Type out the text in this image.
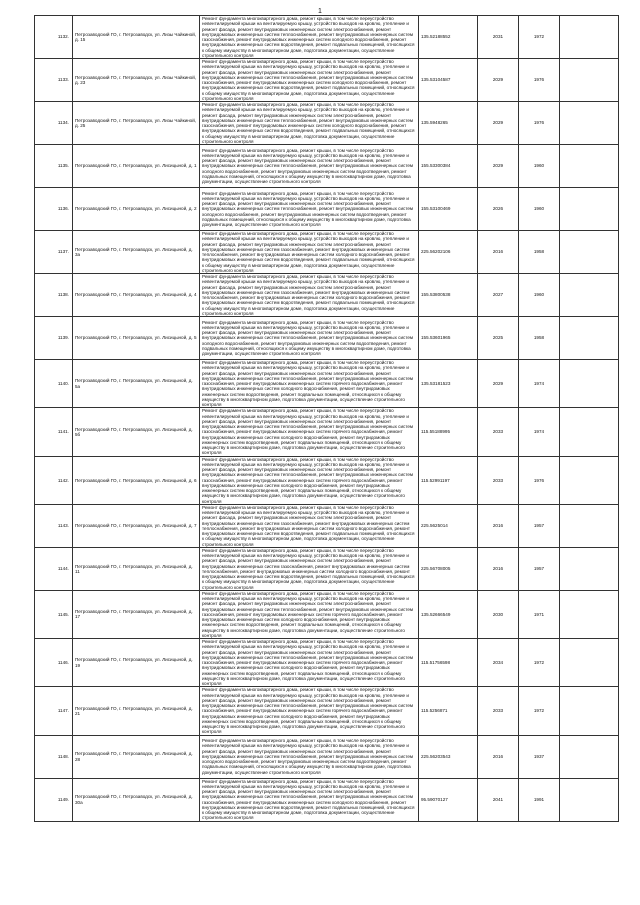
1
1132.	Петрозаводский ГО, г. Петрозаводск, ул. Лизы Чайкиной, д. 15	Ремонт фундамента многоквартирного дома, ремонт крыши, в том числе переустройство невентилируемой крыши на вентилируемую крышу, устройство выходов на кровлю, утепление и ремонт фасада, ремонт внутридомовых инженерных систем электроснабжения, ремонт внутридомовых инженерных систем теплоснабжения, ремонт внутридомовых инженерных систем газоснабжения, ремонт внутридомовых инженерных систем холодного водоснабжения, ремонт внутридомовых инженерных систем водоотведения, ремонт подвальных помещений, относящихся к общему имуществу в многоквартирном доме, подготовка документации, осуществление строительного контроля	135.52188552	2031	1972	
1133.	Петрозаводский ГО, г. Петрозаводск, ул. Лизы Чайкиной, д. 23	Ремонт фундамента многоквартирного дома, ремонт крыши, в том числе переустройство невентилируемой крыши на вентилируемую крышу, устройство выходов на кровлю, утепление и ремонт фасада, ремонт внутридомовых инженерных систем электроснабжения, ремонт внутридомовых инженерных систем теплоснабжения, ремонт внутридомовых инженерных систем газоснабжения, ремонт внутридомовых инженерных систем холодного водоснабжения, ремонт внутридомовых инженерных систем водоотведения, ремонт подвальных помещений, относящихся к общему имуществу в многоквартирном доме, подготовка документации, осуществление строительного контроля	135.53104587	2029	1976	
1134.	Петрозаводский ГО, г. Петрозаводск, ул. Лизы Чайкиной, д. 25	Ремонт фундамента многоквартирного дома, ремонт крыши, в том числе переустройство невентилируемой крыши на вентилируемую крышу, устройство выходов на кровлю, утепление и ремонт фасада, ремонт внутридомовых инженерных систем электроснабжения, ремонт внутридомовых инженерных систем теплоснабжения, ремонт внутридомовых инженерных систем газоснабжения, ремонт внутридомовых инженерных систем холодного водоснабжения, ремонт внутридомовых инженерных систем водоотведения, ремонт подвальных помещений, относящихся к общему имуществу в многоквартирном доме, подготовка документации, осуществление строительного контроля	135.5948265	2029	1976	
1135.	Петрозаводский ГО, г. Петрозаводск, ул. Лисицыной, д. 1	Ремонт фундамента многоквартирного дома, ремонт крыши, в том числе переустройство невентилируемой крыши на вентилируемую крышу, устройство выходов на кровлю, утепление и ремонт фасада, ремонт внутридомовых инженерных систем электроснабжения, ремонт внутридомовых инженерных систем теплоснабжения, ремонт внутридомовых инженерных систем холодного водоснабжения, ремонт внутридомовых инженерных систем водоотведения, ремонт подвальных помещений, относящихся к общему имуществу в многоквартирном доме, подготовка документации, осуществление строительного контроля	155.53300384	2029	1960	
1136.	Петрозаводский ГО, г. Петрозаводск, ул. Лисицыной, д. 2	Ремонт фундамента многоквартирного дома, ремонт крыши, в том числе переустройство невентилируемой крыши на вентилируемую крышу, устройство выходов на кровлю, утепление и ремонт фасада, ремонт внутридомовых инженерных систем электроснабжения, ремонт внутридомовых инженерных систем теплоснабжения, ремонт внутридомовых инженерных систем холодного водоснабжения, ремонт внутридомовых инженерных систем водоотведения, ремонт подвальных помещений, относящихся к общему имуществу в многоквартирном доме, подготовка документации, осуществление строительного контроля	155.53100469	2026	1960	
1137.	Петрозаводский ГО, г. Петрозаводск, ул. Лисицыной, д. 3а	Ремонт фундамента многоквартирного дома, ремонт крыши, в том числе переустройство невентилируемой крыши на вентилируемую крышу, устройство выходов на кровлю, утепление и ремонт фасада, ремонт внутридомовых инженерных систем электроснабжения, ремонт внутридомовых инженерных систем газоснабжения, ремонт внутридомовых инженерных систем теплоснабжения, ремонт внутридомовых инженерных систем холодного водоснабжения, ремонт внутридомовых инженерных систем водоотведения, ремонт подвальных помещений, относящихся к общему имуществу в многоквартирном доме, подготовка документации, осуществление строительного контроля	225.56202106	2016	1958	
1138.	Петрозаводский ГО, г. Петрозаводск, ул. Лисицыной, д. 4	Ремонт фундамента многоквартирного дома, ремонт крыши, в том числе переустройство невентилируемой крыши на вентилируемую крышу, устройство выходов на кровлю, утепление и ремонт фасада, ремонт внутридомовых инженерных систем электроснабжения, ремонт внутридомовых инженерных систем газоснабжения, ремонт внутридомовых инженерных систем теплоснабжения, ремонт внутридомовых инженерных систем холодного водоснабжения, ремонт внутридомовых инженерных систем водоотведения, ремонт подвальных помещений, относящихся к общему имуществу в многоквартирном доме, подготовка документации, осуществление строительного контроля	155.53800538	2027	1960	
1139.	Петрозаводский ГО, г. Петрозаводск, ул. Лисицыной, д. 5	Ремонт фундамента многоквартирного дома, ремонт крыши, в том числе переустройство невентилируемой крыши на вентилируемую крышу, устройство выходов на кровлю, утепление и ремонт фасада, ремонт внутридомовых инженерных систем электроснабжения, ремонт внутридомовых инженерных систем теплоснабжения, ремонт внутридомовых инженерных систем холодного водоснабжения, ремонт внутридомовых инженерных систем водоотведения, ремонт подвальных помещений, относящихся к общему имуществу в многоквартирном доме, подготовка документации, осуществление строительного контроля	155.53601965	2025	1958	
1140.	Петрозаводский ГО, г. Петрозаводск, ул. Лисицыной, д. 5а	Ремонт фундамента многоквартирного дома, ремонт крыши, в том числе переустройство невентилируемой крыши на вентилируемую крышу, устройство выходов на кровлю, утепление и ремонт фасада, ремонт внутридомовых инженерных систем электроснабжения, ремонт внутридомовых инженерных систем теплоснабжения, ремонт внутридомовых инженерных систем газоснабжения, ремонт внутридомовых инженерных систем горячего водоснабжения, ремонт внутридомовых инженерных систем холодного водоснабжения, ремонт внутридомовых инженерных систем водоотведения, ремонт подвальных помещений, относящихся к общему имуществу в многоквартирном доме, подготовка документации, осуществление строительного контроля	135.53181523	2029	1974	
1141.	Петрозаводский ГО, г. Петрозаводск, ул. Лисицыной, д. 5б	Ремонт фундамента многоквартирного дома, ремонт крыши, в том числе переустройство невентилируемой крыши на вентилируемую крышу, устройство выходов на кровлю, утепление и ремонт фасада, ремонт внутридомовых инженерных систем электроснабжения, ремонт внутридомовых инженерных систем теплоснабжения, ремонт внутридомовых инженерных систем газоснабжения, ремонт внутридомовых инженерных систем горячего водоснабжения, ремонт внутридомовых инженерных систем холодного водоснабжения, ремонт внутридомовых инженерных систем водоотведения, ремонт подвальных помещений, относящихся к общему имуществу в многоквартирном доме, подготовка документации, осуществление строительного контроля	115.55188995	2033	1974	
1142.	Петрозаводский ГО, г. Петрозаводск, ул. Лисицыной, д. 6	Ремонт фундамента многоквартирного дома, ремонт крыши, в том числе переустройство невентилируемой крыши на вентилируемую крышу, устройство выходов на кровлю, утепление и ремонт фасада, ремонт внутридомовых инженерных систем электроснабжения, ремонт внутридомовых инженерных систем теплоснабжения, ремонт внутридомовых инженерных систем газоснабжения, ремонт внутридомовых инженерных систем горячего водоснабжения, ремонт внутридомовых инженерных систем холодного водоснабжения, ремонт внутридомовых инженерных систем водоотведения, ремонт подвальных помещений, относящихся к общему имуществу в многоквартирном доме, подготовка документации, осуществление строительного контроля	115.52991197	2033	1976	
1143.	Петрозаводский ГО, г. Петрозаводск, ул. Лисицыной, д. 7	Ремонт фундамента многоквартирного дома, ремонт крыши, в том числе переустройство невентилируемой крыши на вентилируемую крышу, устройство выходов на кровлю, утепление и ремонт фасада, ремонт внутридомовых инженерных систем электроснабжения, ремонт внутридомовых инженерных систем газоснабжения, ремонт внутридомовых инженерных систем теплоснабжения, ремонт внутридомовых инженерных систем холодного водоснабжения, ремонт внутридомовых инженерных систем водоотведения, ремонт подвальных помещений, относящихся к общему имуществу в многоквартирном доме, подготовка документации, осуществление строительного контроля	225.5625014	2016	1957	
1144.	Петрозаводский ГО, г. Петрозаводск, ул. Лисицыной, д. 11	Ремонт фундамента многоквартирного дома, ремонт крыши, в том числе переустройство невентилируемой крыши на вентилируемую крышу, устройство выходов на кровлю, утепление и ремонт фасада, ремонт внутридомовых инженерных систем электроснабжения, ремонт внутридомовых инженерных систем газоснабжения, ремонт внутридомовых инженерных систем теплоснабжения, ремонт внутридомовых инженерных систем холодного водоснабжения, ремонт внутридомовых инженерных систем водоотведения, ремонт подвальных помещений, относящихся к общему имуществу в многоквартирном доме, подготовка документации, осуществление строительного контроля	225.56708005	2016	1957	
1145.	Петрозаводский ГО, г. Петрозаводск, ул. Лисицыной, д. 17	Ремонт фундамента многоквартирного дома, ремонт крыши, в том числе переустройство невентилируемой крыши на вентилируемую крышу, устройство выходов на кровлю, утепление и ремонт фасада, ремонт внутридомовых инженерных систем электроснабжения, ремонт внутридомовых инженерных систем теплоснабжения, ремонт внутридомовых инженерных систем газоснабжения, ремонт внутридомовых инженерных систем горячего водоснабжения, ремонт внутридомовых инженерных систем холодного водоснабжения, ремонт внутридомовых инженерных систем водоотведения, ремонт подвальных помещений, относящихся к общему имуществу в многоквартирном доме, подготовка документации, осуществление строительного контроля	135.52666549	2030	1971	
1146.	Петрозаводский ГО, г. Петрозаводск, ул. Лисицыной, д. 19	Ремонт фундамента многоквартирного дома, ремонт крыши, в том числе переустройство невентилируемой крыши на вентилируемую крышу, устройство выходов на кровлю, утепление и ремонт фасада, ремонт внутридомовых инженерных систем электроснабжения, ремонт внутридомовых инженерных систем теплоснабжения, ремонт внутридомовых инженерных систем газоснабжения, ремонт внутридомовых инженерных систем горячего водоснабжения, ремонт внутридомовых инженерных систем холодного водоснабжения, ремонт внутридомовых инженерных систем водоотведения, ремонт подвальных помещений, относящихся к общему имуществу в многоквартирном доме, подготовка документации, осуществление строительного контроля	115.51756598	2034	1972	
1147.	Петрозаводский ГО, г. Петрозаводск, ул. Лисицыной, д. 21	Ремонт фундамента многоквартирного дома, ремонт крыши, в том числе переустройство невентилируемой крыши на вентилируемую крышу, устройство выходов на кровлю, утепление и ремонт фасада, ремонт внутридомовых инженерных систем электроснабжения, ремонт внутридомовых инженерных систем теплоснабжения, ремонт внутридомовых инженерных систем газоснабжения, ремонт внутридомовых инженерных систем горячего водоснабжения, ремонт внутридомовых инженерных систем холодного водоснабжения, ремонт внутридомовых инженерных систем водоотведения, ремонт подвальных помещений, относящихся к общему имуществу в многоквартирном доме, подготовка документации, осуществление строительного контроля	115.5256871	2033	1972	
1148.	Петрозаводский ГО, г. Петрозаводск, ул. Лисицыной, д. 28	Ремонт фундамента многоквартирного дома, ремонт крыши, в том числе переустройство невентилируемой крыши на вентилируемую крышу, устройство выходов на кровлю, утепление и ремонт фасада, ремонт внутридомовых инженерных систем электроснабжения, ремонт внутридомовых инженерных систем теплоснабжения, ремонт внутридомовых инженерных систем холодного водоснабжения, ремонт внутридомовых инженерных систем водоотведения, ремонт подвальных помещений, относящихся к общему имуществу в многоквартирном доме, подготовка документации, осуществление строительного контроля	225.56203543	2016	1937	
1149.	Петрозаводский ГО, г. Петрозаводск, ул. Лисицыной, д. 30а	Ремонт фундамента многоквартирного дома, ремонт крыши, в том числе переустройство невентилируемой крыши на вентилируемую крышу, устройство выходов на кровлю, утепление и ремонт фасада, ремонт внутридомовых инженерных систем электроснабжения, ремонт внутридомовых инженерных систем теплоснабжения, ремонт внутридомовых инженерных систем газоснабжения, ремонт внутридомовых инженерных систем холодного водоснабжения, ремонт внутридомовых инженерных систем водоотведения, ремонт подвальных помещений, относящихся к общему имуществу в многоквартирном доме, подготовка документации, осуществление строительного контроля	95.59070127	2041	1991	
